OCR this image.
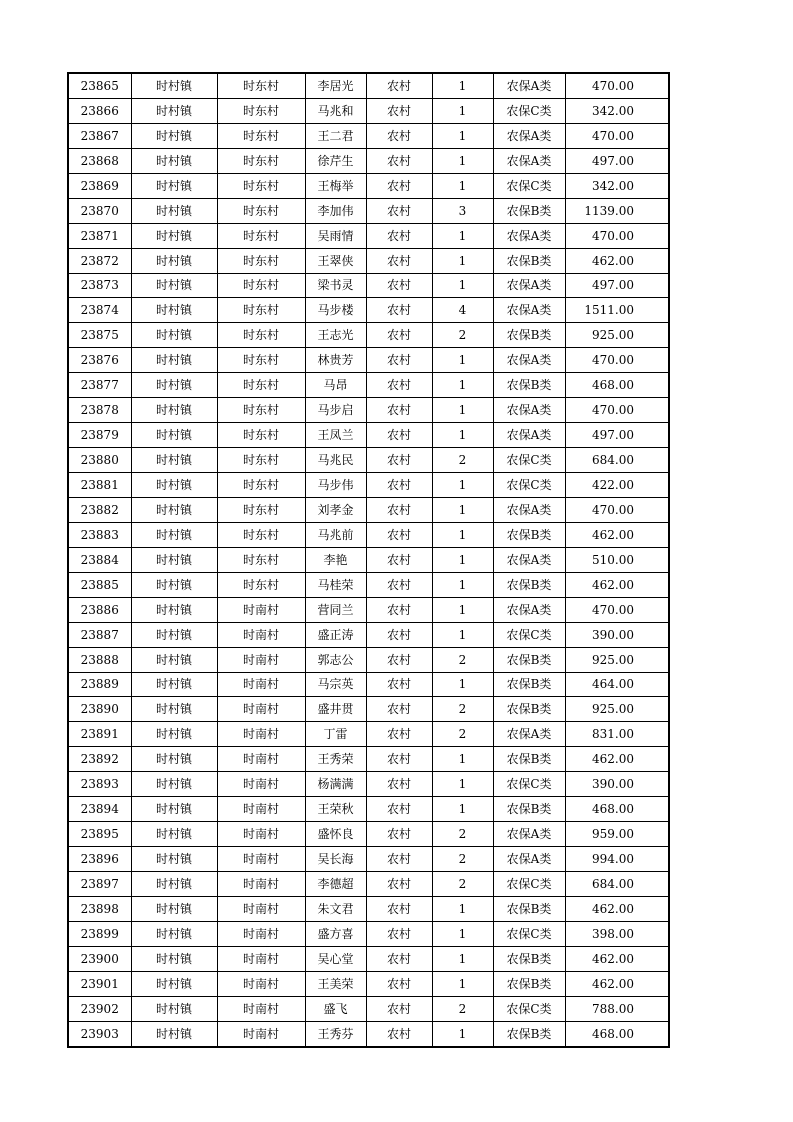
23865	时村镇	时东村	李居光	农村	1	农保A类	470.00
23866	时村镇	时东村	马兆和	农村	1	农保C类	342.00
23867	时村镇	时东村	王二君	农村	1	农保A类	470.00
23868	时村镇	时东村	徐芹生	农村	1	农保A类	497.00
23869	时村镇	时东村	王梅举	农村	1	农保C类	342.00
23870	时村镇	时东村	李加伟	农村	3	农保B类	1139.00
23871	时村镇	时东村	吴雨情	农村	1	农保A类	470.00
23872	时村镇	时东村	王翠侠	农村	1	农保B类	462.00
23873	时村镇	时东村	梁书灵	农村	1	农保A类	497.00
23874	时村镇	时东村	马步楼	农村	4	农保A类	1511.00
23875	时村镇	时东村	王志光	农村	2	农保B类	925.00
23876	时村镇	时东村	林贵芳	农村	1	农保A类	470.00
23877	时村镇	时东村	马昂	农村	1	农保B类	468.00
23878	时村镇	时东村	马步启	农村	1	农保A类	470.00
23879	时村镇	时东村	王凤兰	农村	1	农保A类	497.00
23880	时村镇	时东村	马兆民	农村	2	农保C类	684.00
23881	时村镇	时东村	马步伟	农村	1	农保C类	422.00
23882	时村镇	时东村	刘孝金	农村	1	农保A类	470.00
23883	时村镇	时东村	马兆前	农村	1	农保B类	462.00
23884	时村镇	时东村	李艳	农村	1	农保A类	510.00
23885	时村镇	时东村	马桂荣	农村	1	农保B类	462.00
23886	时村镇	时南村	营同兰	农村	1	农保A类	470.00
23887	时村镇	时南村	盛正涛	农村	1	农保C类	390.00
23888	时村镇	时南村	郭志公	农村	2	农保B类	925.00
23889	时村镇	时南村	马宗英	农村	1	农保B类	464.00
23890	时村镇	时南村	盛井贯	农村	2	农保B类	925.00
23891	时村镇	时南村	丁雷	农村	2	农保A类	831.00
23892	时村镇	时南村	王秀荣	农村	1	农保B类	462.00
23893	时村镇	时南村	杨满满	农村	1	农保C类	390.00
23894	时村镇	时南村	王荣秋	农村	1	农保B类	468.00
23895	时村镇	时南村	盛怀良	农村	2	农保A类	959.00
23896	时村镇	时南村	吴长海	农村	2	农保A类	994.00
23897	时村镇	时南村	李德超	农村	2	农保C类	684.00
23898	时村镇	时南村	朱文君	农村	1	农保B类	462.00
23899	时村镇	时南村	盛方喜	农村	1	农保C类	398.00
23900	时村镇	时南村	吴心堂	农村	1	农保B类	462.00
23901	时村镇	时南村	王美荣	农村	1	农保B类	462.00
23902	时村镇	时南村	盛飞	农村	2	农保C类	788.00
23903	时村镇	时南村	王秀芬	农村	1	农保B类	468.00
